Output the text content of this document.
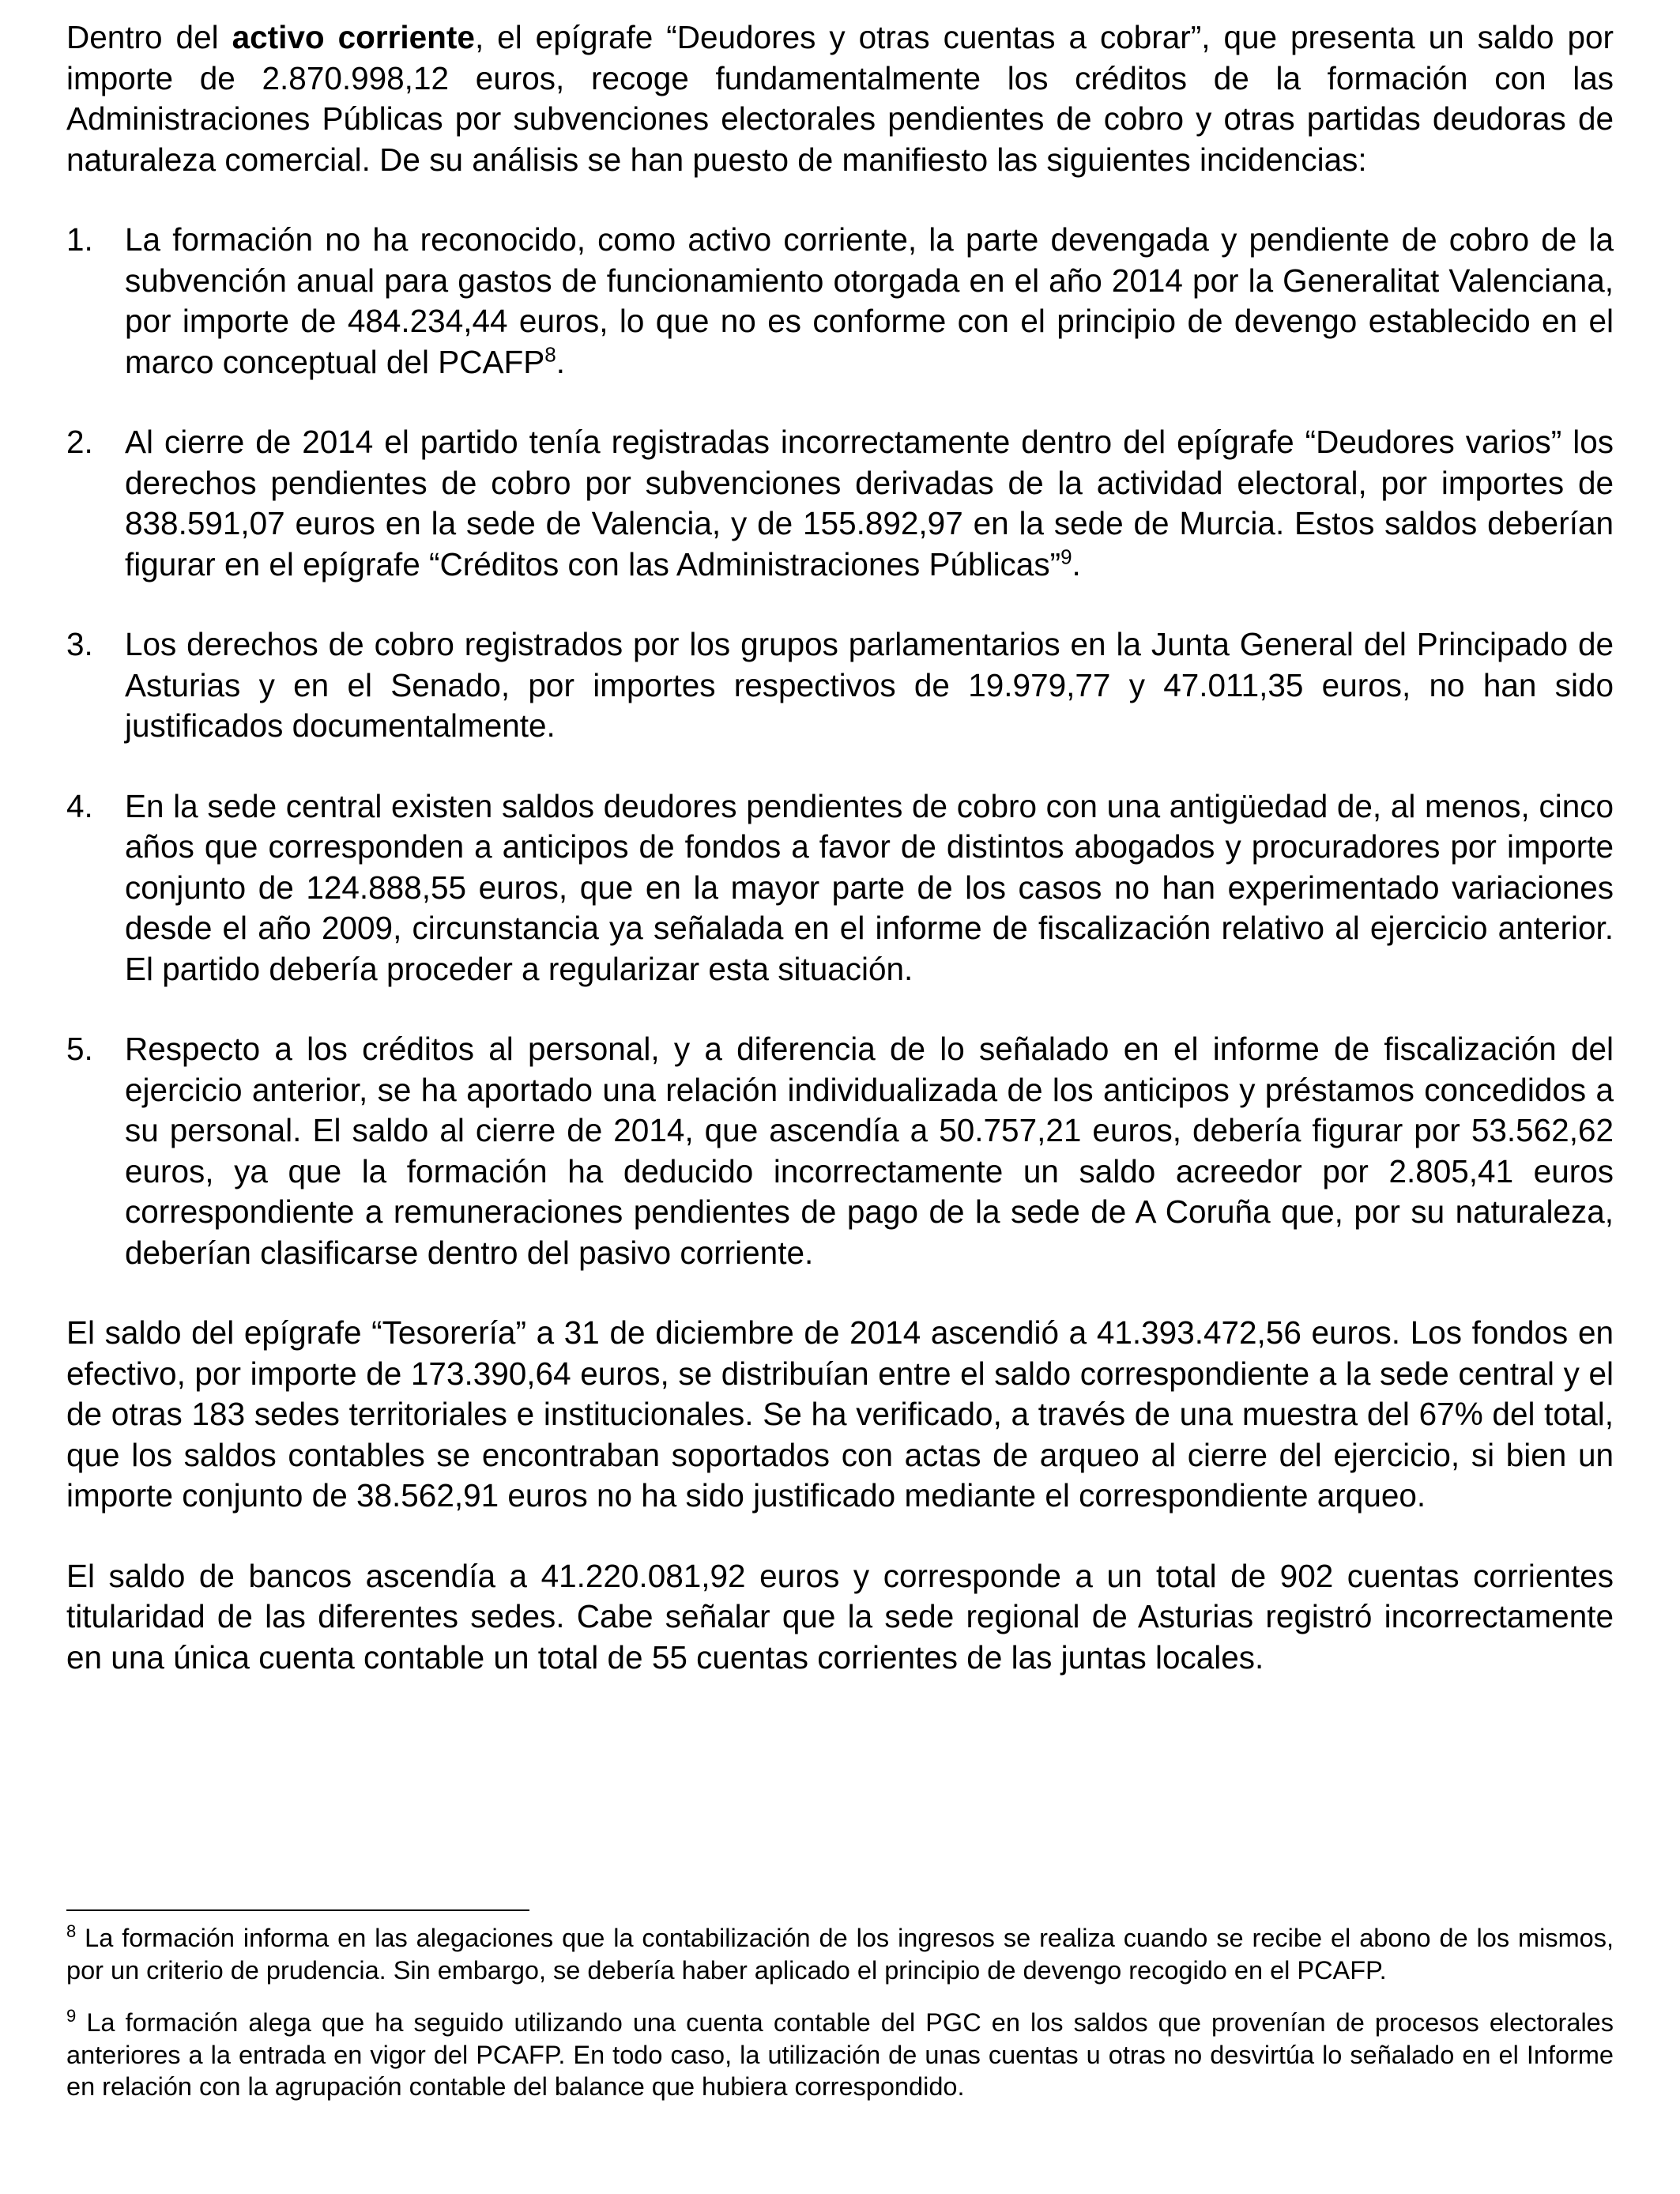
Dentro del activo corriente, el epígrafe “Deudores y otras cuentas a cobrar”, que presenta un saldo por importe de 2.870.998,12 euros, recoge fundamentalmente los créditos de la formación con las Administraciones Públicas por subvenciones electorales pendientes de cobro y otras partidas deudoras de naturaleza comercial. De su análisis se han puesto de manifiesto las siguientes incidencias:

1. La formación no ha reconocido, como activo corriente, la parte devengada y pendiente de cobro de la subvención anual para gastos de funcionamiento otorgada en el año 2014 por la Generalitat Valenciana, por importe de 484.234,44 euros, lo que no es conforme con el principio de devengo establecido en el marco conceptual del PCAFP$^8$.

2. Al cierre de 2014 el partido tenía registradas incorrectamente dentro del epígrafe “Deudores varios” los derechos pendientes de cobro por subvenciones derivadas de la actividad electoral, por importes de 838.591,07 euros en la sede de Valencia, y de 155.892,97 en la sede de Murcia. Estos saldos deberían figurar en el epígrafe “Créditos con las Administraciones Públicas”$^9$.

3. Los derechos de cobro registrados por los grupos parlamentarios en la Junta General del Principado de Asturias y en el Senado, por importes respectivos de 19.979,77 y 47.011,35 euros, no han sido justificados documentalmente.

4. En la sede central existen saldos deudores pendientes de cobro con una antigüedad de, al menos, cinco años que corresponden a anticipos de fondos a favor de distintos abogados y procuradores por importe conjunto de 124.888,55 euros, que en la mayor parte de los casos no han experimentado variaciones desde el año 2009, circunstancia ya señalada en el informe de fiscalización relativo al ejercicio anterior. El partido debería proceder a regularizar esta situación.

5. Respecto a los créditos al personal, y a diferencia de lo señalado en el informe de fiscalización del ejercicio anterior, se ha aportado una relación individualizada de los anticipos y préstamos concedidos a su personal. El saldo al cierre de 2014, que ascendía a 50.757,21 euros, debería figurar por 53.562,62 euros, ya que la formación ha deducido incorrectamente un saldo acreedor por 2.805,41 euros correspondiente a remuneraciones pendientes de pago de la sede de A Coruña que, por su naturaleza, deberían clasificarse dentro del pasivo corriente.

El saldo del epígrafe “Tesorería” a 31 de diciembre de 2014 ascendió a 41.393.472,56 euros. Los fondos en efectivo, por importe de 173.390,64 euros, se distribuían entre el saldo correspondiente a la sede central y el de otras 183 sedes territoriales e institucionales. Se ha verificado, a través de una muestra del 67% del total, que los saldos contables se encontraban soportados con actas de arqueo al cierre del ejercicio, si bien un importe conjunto de 38.562,91 euros no ha sido justificado mediante el correspondiente arqueo.

El saldo de bancos ascendía a 41.220.081,92 euros y corresponde a un total de 902 cuentas corrientes titularidad de las diferentes sedes. Cabe señalar que la sede regional de Asturias registró incorrectamente en una única cuenta contable un total de 55 cuentas corrientes de las juntas locales.

$^8$ La formación informa en las alegaciones que la contabilización de los ingresos se realiza cuando se recibe el abono de los mismos, por un criterio de prudencia. Sin embargo, se debería haber aplicado el principio de devengo recogido en el PCAFP.

$^9$ La formación alega que ha seguido utilizando una cuenta contable del PGC en los saldos que provenían de procesos electorales anteriores a la entrada en vigor del PCAFP. En todo caso, la utilización de unas cuentas u otras no desvirtúa lo señalado en el Informe en relación con la agrupación contable del balance que hubiera correspondido.
